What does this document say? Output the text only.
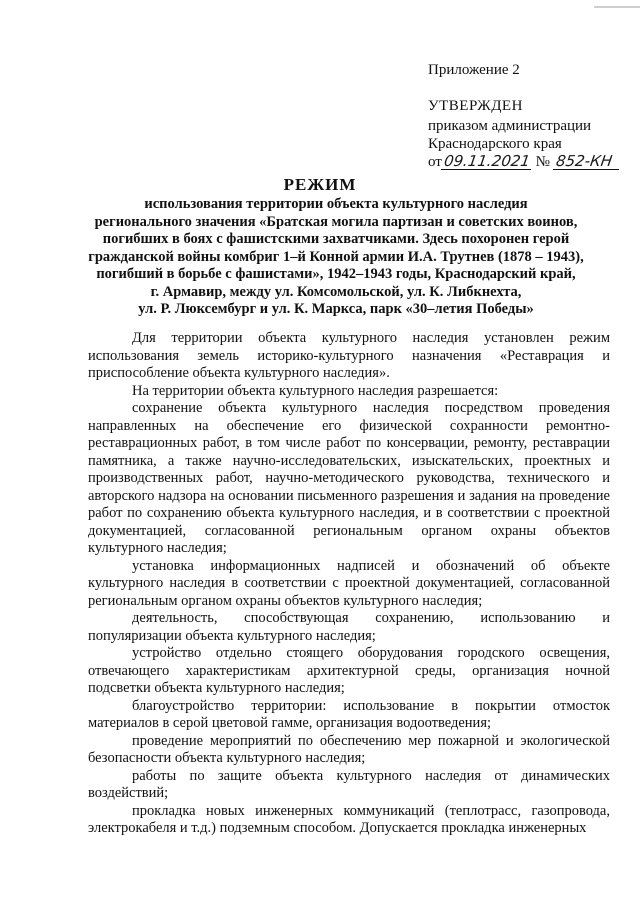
Приложение 2
УТВЕРЖДЕН
приказом администрации
Краснодарского края
от09.11.2021 № 852-КН
РЕЖИМ
использования территории объекта культурного наследия
регионального значения «Братская могила партизан и советских воинов,
погибших в боях с фашистскими захватчиками. Здесь похоронен герой
гражданской войны комбриг 1–й Конной армии И.А. Трутнев (1878 – 1943),
погибший в борьбе с фашистами», 1942–1943 годы, Краснодарский край,
г. Армавир, между ул. Комсомольской, ул. К. Либкнехта,
ул. Р. Люксембург и ул. К. Маркса, парк «30–летия Победы»

Для территории объекта культурного наследия установлен режим использования земель историко-культурного назначения «Реставрация и приспособление объекта культурного наследия».

На территории объекта культурного наследия разрешается:

сохранение объекта культурного наследия посредством проведения направленных на обеспечение его физической сохранности ремонтно-реставрационных работ, в том числе работ по консервации, ремонту, реставрации памятника, а также научно-исследовательских, изыскательских, проектных и производственных работ, научно-методического руководства, технического и авторского надзора на основании письменного разрешения и задания на проведение работ по сохранению объекта культурного наследия, и в соответствии с проектной документацией, согласованной региональным органом охраны объектов культурного наследия;

установка информационных надписей и обозначений об объекте культурного наследия в соответствии с проектной документацией, согласованной региональным органом охраны объектов культурного наследия;

деятельность, способствующая сохранению, использованию и популяризации объекта культурного наследия;

устройство отдельно стоящего оборудования городского освещения, отвечающего характеристикам архитектурной среды, организация ночной подсветки объекта культурного наследия;

благоустройство территории: использование в покрытии отмосток материалов в серой цветовой гамме, организация водоотведения;

проведение мероприятий по обеспечению мер пожарной и экологической безопасности объекта культурного наследия;

работы по защите объекта культурного наследия от динамических воздействий;

прокладка новых инженерных коммуникаций (теплотрасс, газопровода, электрокабеля и т.д.) подземным способом. Допускается прокладка инженерных
